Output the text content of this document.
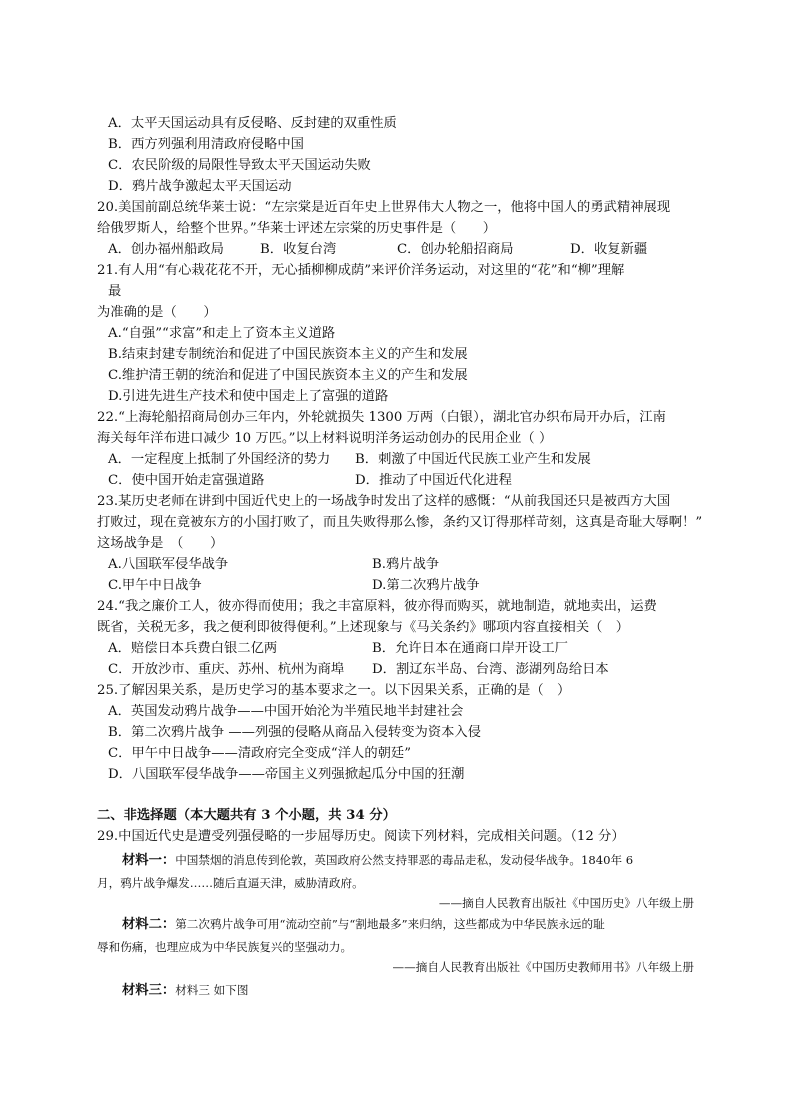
A．太平天国运动具有反侵略、反封建的双重性质
B．西方列强利用清政府侵略中国
C．农民阶级的局限性导致太平天国运动失败
D．鸦片战争激起太平天国运动
20.美国前副总统华莱士说：“左宗棠是近百年史上世界伟大人物之一，他将中国人的勇武精神展现
给俄罗斯人，给整个世界。”华莱士评述左宗棠的历史事件是（　　）
A．创办福州船政局	B．收复台湾	C．创办轮船招商局	D．收复新疆
21.有人用“有心栽花花不开，无心插柳柳成荫”来评价洋务运动，对这里的“花”和“柳”理解
最
为准确的是（　　）
A.“自强”“求富”和走上了资本主义道路
B.结束封建专制统治和促进了中国民族资本主义的产生和发展
C.维护清王朝的统治和促进了中国民族资本主义的产生和发展
D.引进先进生产技术和使中国走上了富强的道路
22.“上海轮船招商局创办三年内，外轮就损失 1300 万两（白银），湖北官办织布局开办后，江南
海关每年洋布进口减少 10 万匹。”以上材料说明洋务运动创办的民用企业（ ）
A．一定程度上抵制了外国经济的势力 B．刺激了中国近代民族工业产生和发展
C．使中国开始走富强道路	D．推动了中国近代化进程
23.某历史老师在讲到中国近代史上的一场战争时发出了这样的感慨：“从前我国还只是被西方大国
打败过，现在竟被东方的小国打败了，而且失败得那么惨，条约又订得那样苛刻，这真是奇耻大辱啊！”
这场战争是　（　　）
A.八国联军侵华战争	B.鸦片战争
C.甲午中日战争	D.第二次鸦片战争
24.“我之廉价工人，彼亦得而使用；我之丰富原料，彼亦得而购买，就地制造，就地卖出，运费
既省，关税无多，我之便利即彼得便利。”上述现象与《马关条约》哪项内容直接相关（　）
A．赔偿日本兵费白银二亿两	B．允许日本在通商口岸开设工厂
C．开放沙市、重庆、苏州、杭州为商埠 D．割辽东半岛、台湾、澎湖列岛给日本
25.了解因果关系，是历史学习的基本要求之一。以下因果关系，正确的是（　）
A．英国发动鸦片战争——中国开始沦为半殖民地半封建社会
B．第二次鸦片战争 ——列强的侵略从商品入侵转变为资本入侵
C．甲午中日战争——清政府完全变成“洋人的朝廷”
D．八国联军侵华战争——帝国主义列强掀起瓜分中国的狂潮
二、非选择题（本大题共有 3 个小题，共 34 分）
29.中国近代史是遭受列强侵略的一步屈辱历史。阅读下列材料，完成相关问题。（12 分）
材料一：中国禁烟的消息传到伦敦，英国政府公然支持罪恶的毒品走私，发动侵华战争。1840年 6
月，鸦片战争爆发……随后直逼天津，威胁清政府。
——摘自人民教育出版社《中国历史》八年级上册
材料二：第二次鸦片战争可用“流动空前”与“割地最多”来归纳，这些都成为中华民族永远的耻
辱和伤痛，也理应成为中华民族复兴的坚强动力。
——摘自人民教育出版社《中国历史教师用书》八年级上册
材料三：材料三 如下图
